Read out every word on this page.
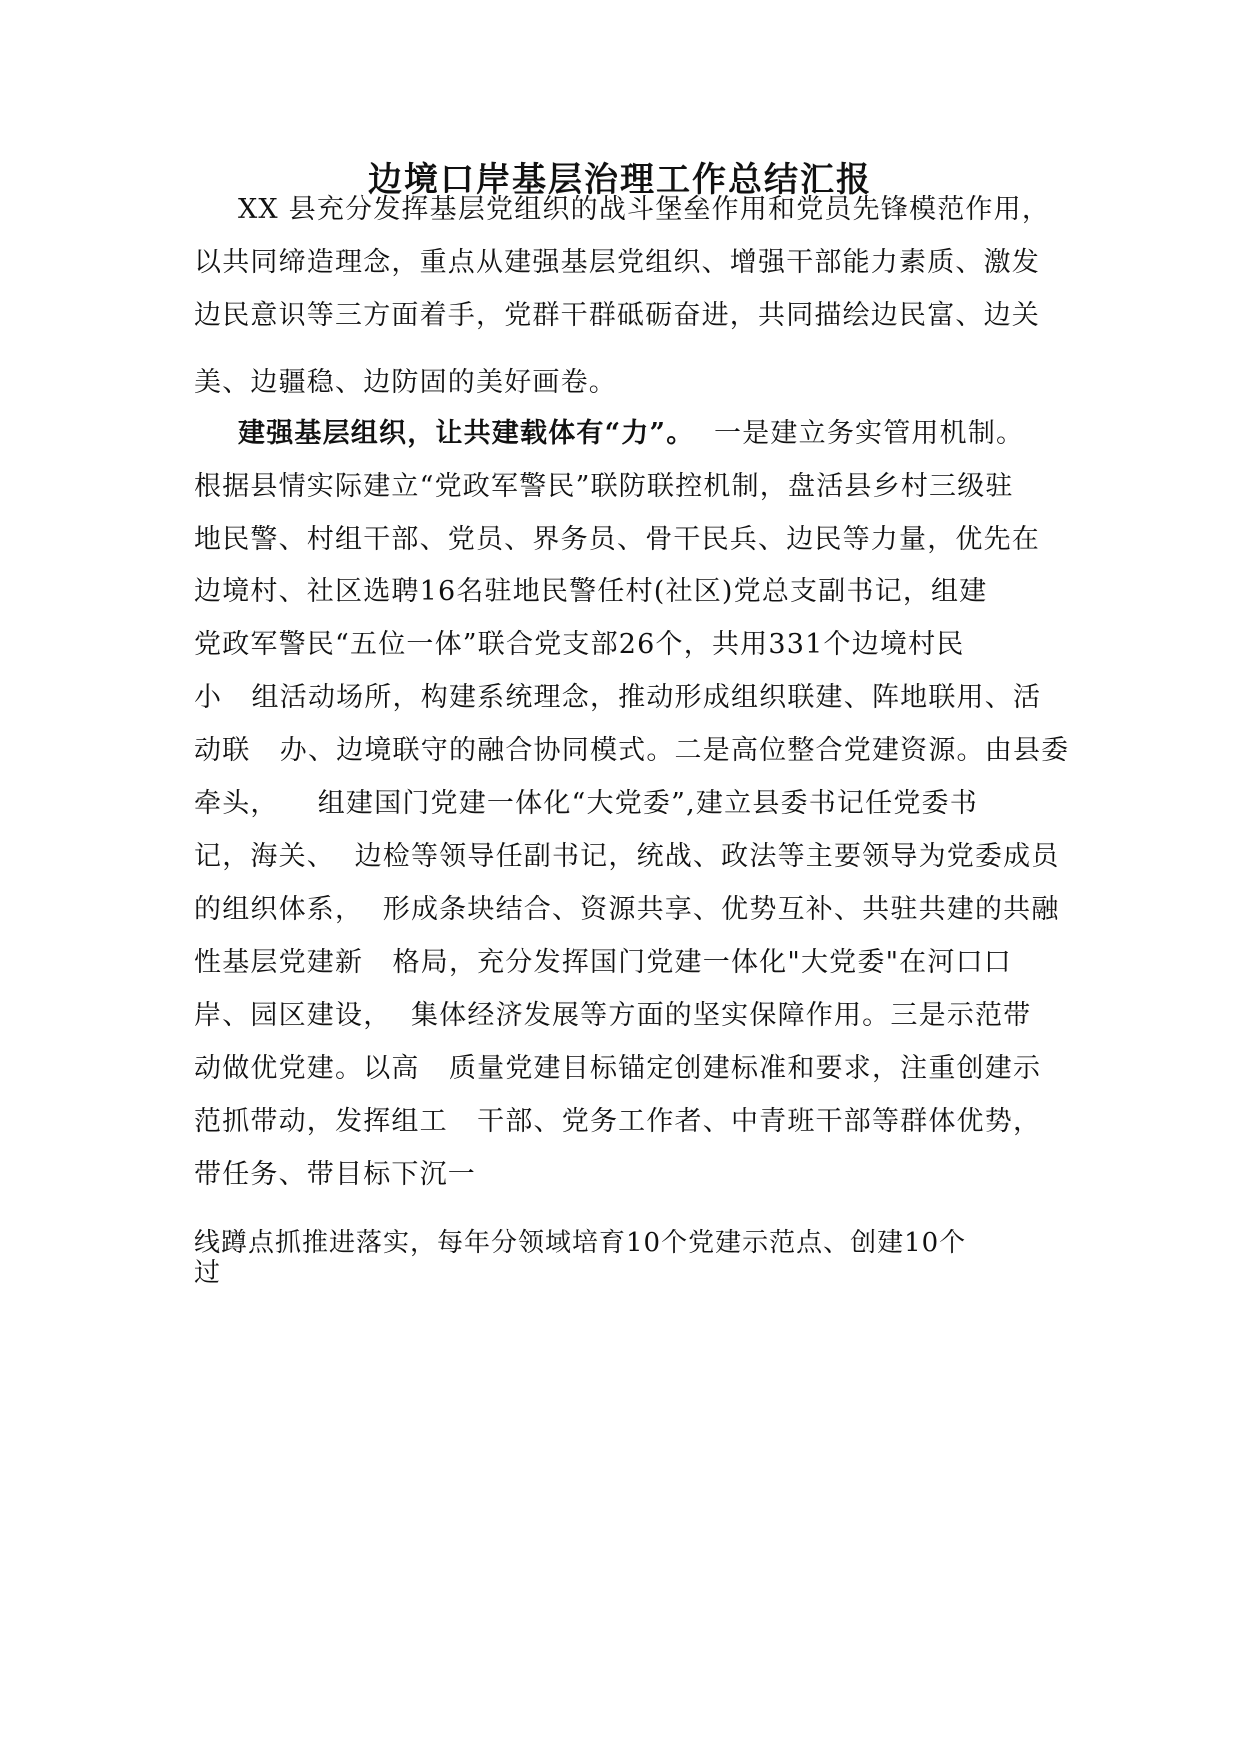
边境口岸基层治理工作总结汇报
XX 县充分发挥基层党组织的战斗堡垒作用和党员先锋模范作用，
以共同缔造理念，重点从建强基层党组织、增强干部能力素质、激发
边民意识等三方面着手，党群干群砥砺奋进，共同描绘边民富、边关
美、边疆稳、边防固的美好画卷。
建强基层组织，让共建载体有“力”。  一是建立务实管用机制。
根据县情实际建立“党政军警民”联防联控机制，盘活县乡村三级驻
地民警、村组干部、党员、界务员、骨干民兵、边民等力量，优先在
边境村、社区选聘16名驻地民警任村(社区)党总支副书记，组建
党政军警民“五位一体”联合党支部26个，共用331个边境村民
小   组活动场所，构建系统理念，推动形成组织联建、阵地联用、活
动联   办、边境联守的融合协同模式。二是高位整合党建资源。由县委
牵头，    组建国门党建一体化“大党委”,建立县委书记任党委书
记，海关、  边检等领导任副书记，统战、政法等主要领导为党委成员
的组织体系，  形成条块结合、资源共享、优势互补、共驻共建的共融
性基层党建新   格局，充分发挥国门党建一体化"大党委"在河口口
岸、园区建设，  集体经济发展等方面的坚实保障作用。三是示范带
动做优党建。以高   质量党建目标锚定创建标准和要求，注重创建示
范抓带动，发挥组工   干部、党务工作者、中青班干部等群体优势，
带任务、带目标下沉一
线蹲点抓推进落实，每年分领域培育10个党建示范点、创建10个
过
